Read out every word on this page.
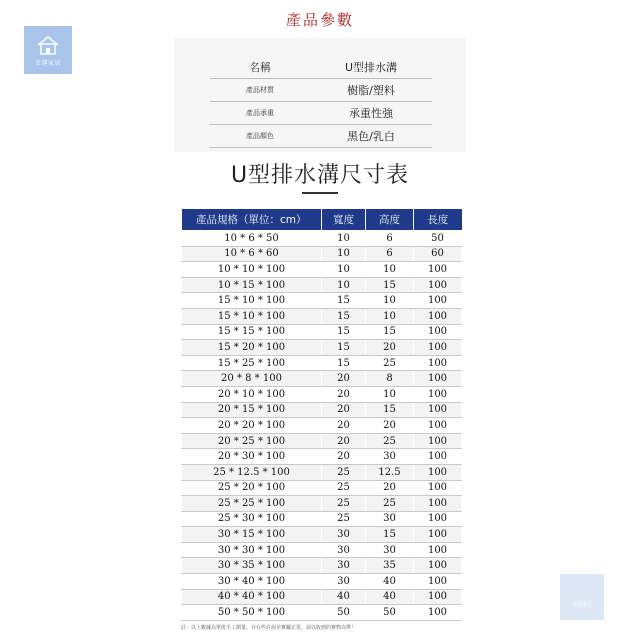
幸運家居
產品參數
名稱	U型排水溝
產品材質	樹脂/塑料
產品承重	承重性強
產品顏色	黑色/乳白
U型排水溝尺寸表
產品規格（單位：cm）	寬度	高度	長度
10 * 6 * 50	10	6	50
10 * 6 * 60	10	6	60
10 * 10 * 100	10	10	100
10 * 15 * 100	10	15	100
15 * 10 * 100	15	10	100
15 * 10 * 100	15	10	100
15 * 15 * 100	15	15	100
15 * 20 * 100	15	20	100
15 * 25 * 100	15	25	100
20 * 8 * 100	20	8	100
20 * 10 * 100	20	10	100
20 * 15 * 100	20	15	100
20 * 20 * 100	20	20	100
20 * 25 * 100	20	25	100
20 * 30 * 100	20	30	100
25 * 12.5 * 100	25	12.5	100
25 * 20 * 100	25	20	100
25 * 25 * 100	25	25	100
25 * 30 * 100	25	30	100
30 * 15 * 100	30	15	100
30 * 30 * 100	30	30	100
30 * 35 * 100	30	35	100
30 * 40 * 100	30	40	100
40 * 40 * 100	40	40	100
50 * 50 * 100	50	50	100
註：以上數據為單批手工測量，存在些許誤差實屬正常，請以收到的實物為準！
幸運家居
